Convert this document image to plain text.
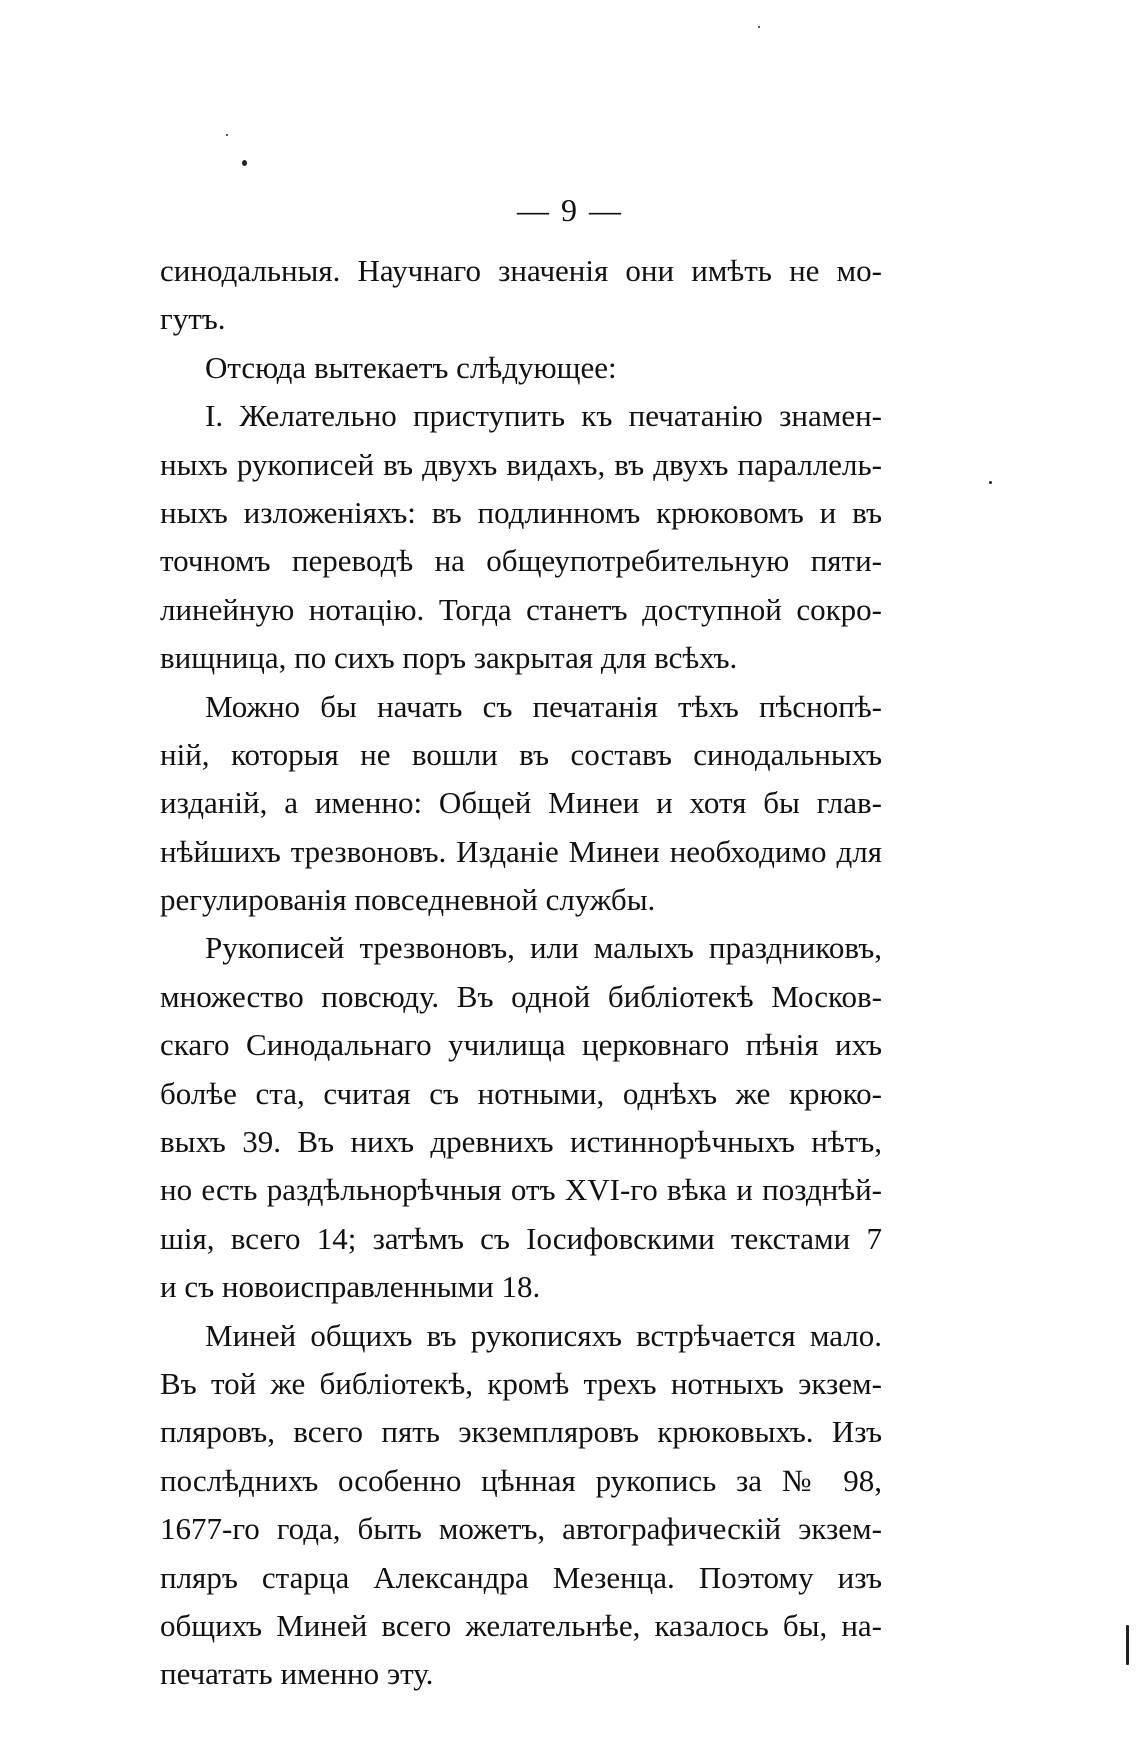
— 9 —
синодальныя. Научнаго значенія они имѣть не мо-
гутъ.
Отсюда вытекаетъ слѣдующее:
I. Желательно приступить къ печатанію знамен-
ныхъ рукописей въ двухъ видахъ, въ двухъ параллель-
ныхъ изложеніяхъ: въ подлинномъ крюковомъ и въ
точномъ переводѣ на общеупотребительную пяти-
линейную нотацію. Тогда станетъ доступной сокро-
вищница, по сихъ поръ закрытая для всѣхъ.
Можно бы начать съ печатанія тѣхъ пѣснопѣ-
ній, которыя не вошли въ составъ синодальныхъ
изданій, а именно: Общей Минеи и хотя бы глав-
нѣйшихъ трезвоновъ. Изданіе Минеи необходимо для
регулированія повседневной службы.
Рукописей трезвоновъ, или малыхъ праздниковъ,
множество повсюду. Въ одной библіотекѣ Москов-
скаго Синодальнаго училища церковнаго пѣнія ихъ
болѣе ста, считая съ нотными, однѣхъ же крюко-
выхъ 39. Въ нихъ древнихъ истиннорѣчныхъ нѣтъ,
но есть раздѣльнорѣчныя отъ XVI-го вѣка и позднѣй-
шія, всего 14; затѣмъ съ Іосифовскими текстами 7
и съ новоисправленными 18.
Миней общихъ въ рукописяхъ встрѣчается мало.
Въ той же библіотекѣ, кромѣ трехъ нотныхъ экзем-
пляровъ, всего пять экземпляровъ крюковыхъ. Изъ
послѣднихъ особенно цѣнная рукопись за № 98,
1677-го года, быть можетъ, автографическій экзем-
пляръ старца Александра Мезенца. Поэтому изъ
общихъ Миней всего желательнѣе, казалось бы, на-
печатать именно эту.
